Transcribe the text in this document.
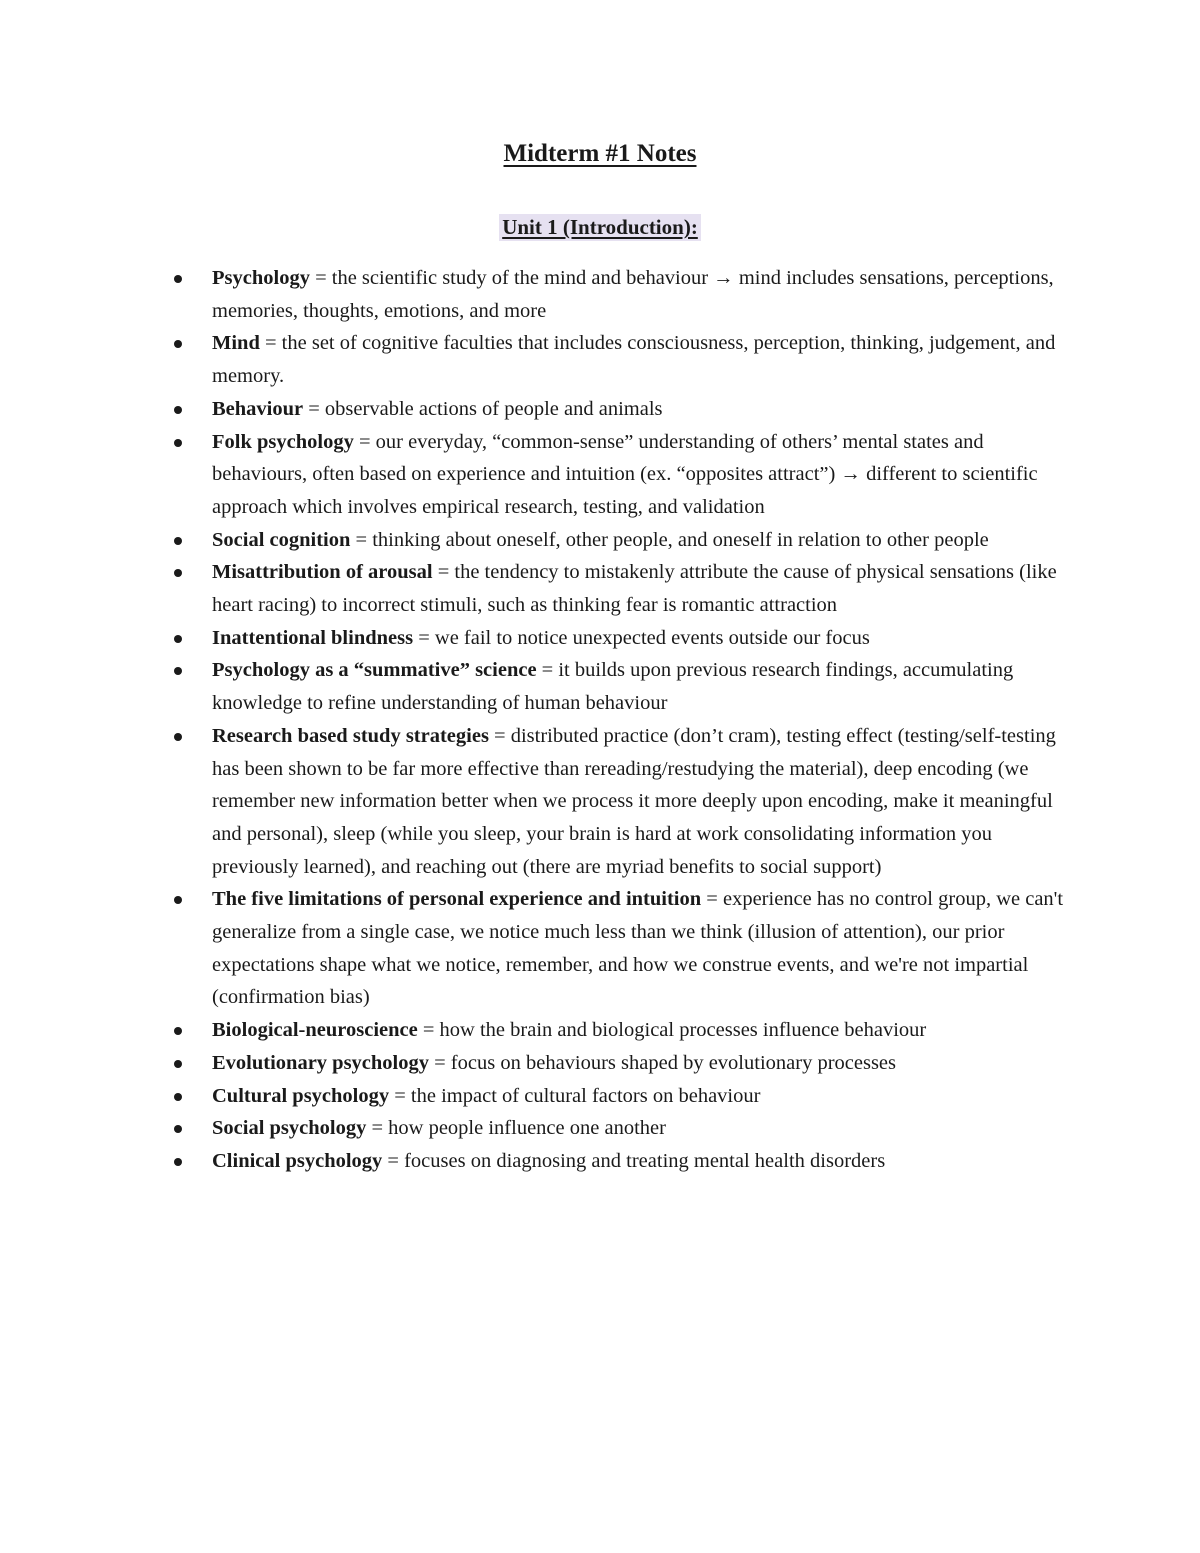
Midterm #1 Notes
Unit 1 (Introduction):
Psychology = the scientific study of the mind and behaviour → mind includes sensations, perceptions, memories, thoughts, emotions, and more
Mind = the set of cognitive faculties that includes consciousness, perception, thinking, judgement, and memory.
Behaviour = observable actions of people and animals
Folk psychology = our everyday, “common-sense” understanding of others’ mental states and behaviours, often based on experience and intuition (ex. “opposites attract”) → different to scientific approach which involves empirical research, testing, and validation
Social cognition = thinking about oneself, other people, and oneself in relation to other people
Misattribution of arousal = the tendency to mistakenly attribute the cause of physical sensations (like heart racing) to incorrect stimuli, such as thinking fear is romantic attraction
Inattentional blindness = we fail to notice unexpected events outside our focus
Psychology as a “summative” science = it builds upon previous research findings, accumulating knowledge to refine understanding of human behaviour
Research based study strategies = distributed practice (don’t cram), testing effect (testing/self-testing has been shown to be far more effective than rereading/restudying the material), deep encoding (we remember new information better when we process it more deeply upon encoding, make it meaningful and personal), sleep (while you sleep, your brain is hard at work consolidating information you previously learned), and reaching out (there are myriad benefits to social support)
The five limitations of personal experience and intuition = experience has no control group, we can't generalize from a single case, we notice much less than we think (illusion of attention), our prior expectations shape what we notice, remember, and how we construe events, and we're not impartial (confirmation bias)
Biological-neuroscience = how the brain and biological processes influence behaviour
Evolutionary psychology = focus on behaviours shaped by evolutionary processes
Cultural psychology = the impact of cultural factors on behaviour
Social psychology = how people influence one another
Clinical psychology = focuses on diagnosing and treating mental health disorders
